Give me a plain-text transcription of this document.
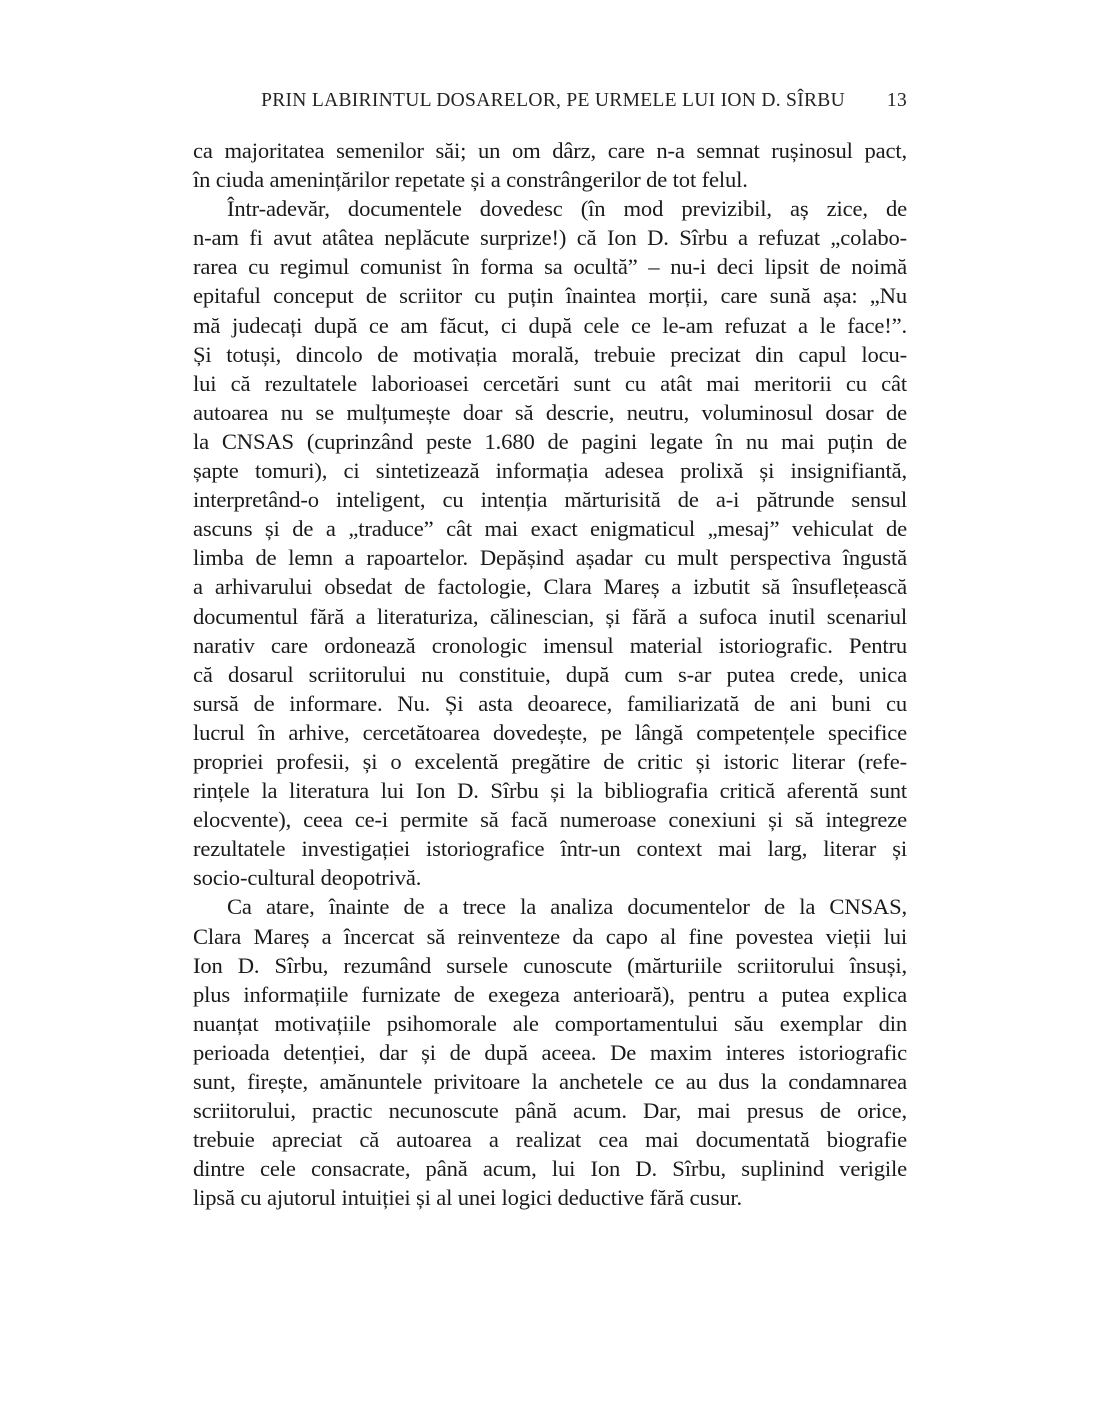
PRIN LABIRINTUL DOSARELOR, PE URMELE LUI ION D. SÎRBU 13

ca majoritatea semenilor săi; un om dârz, care n-a semnat rușinosul pact,
în ciuda amenințărilor repetate și a constrângerilor de tot felul.

Într-adevăr, documentele dovedesc (în mod previzibil, aș zice, de
n-am fi avut atâtea neplăcute surprize!) că Ion D. Sîrbu a refuzat „colabo-
rarea cu regimul comunist în forma sa ocultă” – nu-i deci lipsit de noimă
epitaful conceput de scriitor cu puțin înaintea morții, care sună așa: „Nu
mă judecați după ce am făcut, ci după cele ce le-am refuzat a le face!”.
Și totuși, dincolo de motivația morală, trebuie precizat din capul locu-
lui că rezultatele laborioasei cercetări sunt cu atât mai meritorii cu cât
autoarea nu se mulțumește doar să descrie, neutru, voluminosul dosar de
la CNSAS (cuprinzând peste 1.680 de pagini legate în nu mai puțin de
șapte tomuri), ci sintetizează informația adesea prolixă și insignifiantă,
interpretând-o inteligent, cu intenția mărturisită de a-i pătrunde sensul
ascuns și de a „traduce” cât mai exact enigmaticul „mesaj” vehiculat de
limba de lemn a rapoartelor. Depășind așadar cu mult perspectiva îngustă
a arhivarului obsedat de factologie, Clara Mareș a izbutit să însuflețească
documentul fără a literaturiza, călinescian, și fără a sufoca inutil scenariul
narativ care ordonează cronologic imensul material istoriografic. Pentru
că dosarul scriitorului nu constituie, după cum s-ar putea crede, unica
sursă de informare. Nu. Și asta deoarece, familiarizată de ani buni cu
lucrul în arhive, cercetătoarea dovedește, pe lângă competențele specifice
propriei profesii, și o excelentă pregătire de critic și istoric literar (refe-
rințele la literatura lui Ion D. Sîrbu și la bibliografia critică aferentă sunt
elocvente), ceea ce-i permite să facă numeroase conexiuni și să integreze
rezultatele investigației istoriografice într-un context mai larg, literar și
socio-cultural deopotrivă.

Ca atare, înainte de a trece la analiza documentelor de la CNSAS,
Clara Mareș a încercat să reinventeze da capo al fine povestea vieții lui
Ion D. Sîrbu, rezumând sursele cunoscute (mărturiile scriitorului însuși,
plus informațiile furnizate de exegeza anterioară), pentru a putea explica
nuanțat motivațiile psihomorale ale comportamentului său exemplar din
perioada detenției, dar și de după aceea. De maxim interes istoriografic
sunt, firește, amănuntele privitoare la anchetele ce au dus la condamnarea
scriitorului, practic necunoscute până acum. Dar, mai presus de orice,
trebuie apreciat că autoarea a realizat cea mai documentată biografie
dintre cele consacrate, până acum, lui Ion D. Sîrbu, suplinind verigile
lipsă cu ajutorul intuiției și al unei logici deductive fără cusur.
